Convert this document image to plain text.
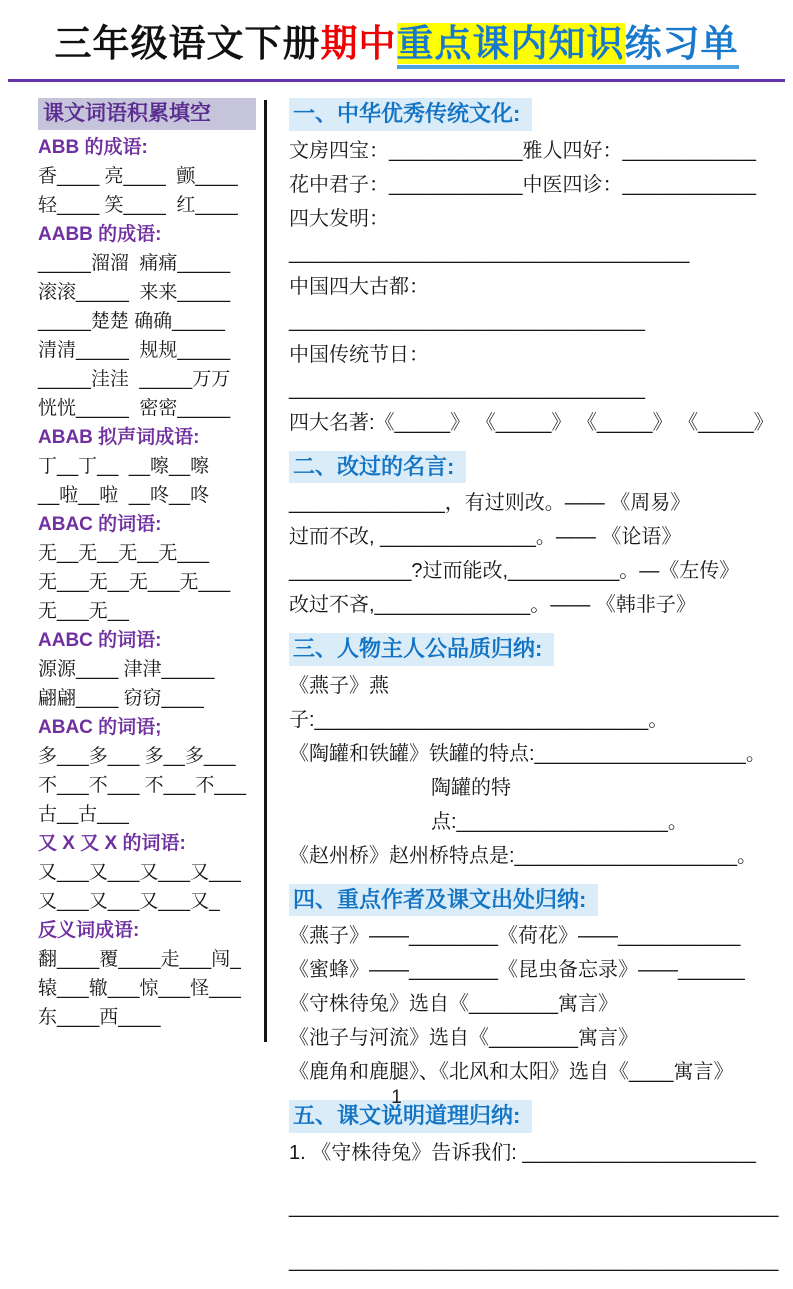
三年级语文下册期中重点课内知识练习单
课文词语积累填空
ABB 的成语:
香____ 亮____  颤____
轻____ 笑____  红____
AABB 的成语:
_____溜溜  痛痛_____
滚滚_____  来来_____
_____楚楚 确确_____
清清_____  规规_____
_____洼洼  _____万万
恍恍_____  密密_____
ABAB 拟声词成语:
丁__丁__  __嚓__嚓
__啦__啦  __咚__咚
ABAC 的词语:
无__无__无__无___
无___无__无___无___
无___无__
AABC 的词语:
源源____ 津津_____
翩翩____ 窃窃____
ABAC 的词语;
多___多___ 多__多___
不___不___ 不___不___
古__古___
又 X 又 X 的词语:
又___又___又___又___
又___又___又___又_
反义词成语:
翻____覆____走___闯_
辕___辙___惊___怪___
东____西____
一、中华优秀传统文化:
文房四宝：____________雅人四好：____________
花中君子：____________中医四诊：____________
四大发明：____________________________________
中国四大古都：________________________________
中国传统节日：________________________________
四大名著:《_____》 《_____》 《_____》 《_____》
二、改过的名言:
______________，有过则改。—— 《周易》
过而不改, ______________。—— 《论语》
___________?过而能改,__________。—《左传》
改过不吝,______________。—— 《韩非子》
三、人物主人公品质归纳:
《燕子》燕子:______________________________。
《陶罐和铁罐》铁罐的特点:___________________。
陶罐的特点:___________________。
《赵州桥》赵州桥特点是:____________________。
四、重点作者及课文出处归纳:
《燕子》——________《荷花》——___________
《蜜蜂》——________《昆虫备忘录》——______
《守株待兔》选自《________寓言》
《池子与河流》选自《________寓言》
《鹿角和鹿腿》、《北风和太阳》选自《____寓言》
五、课文说明道理归纳:
1. 《守株待兔》告诉我们: _____________________
____________________________________________
____________________________________________
1
